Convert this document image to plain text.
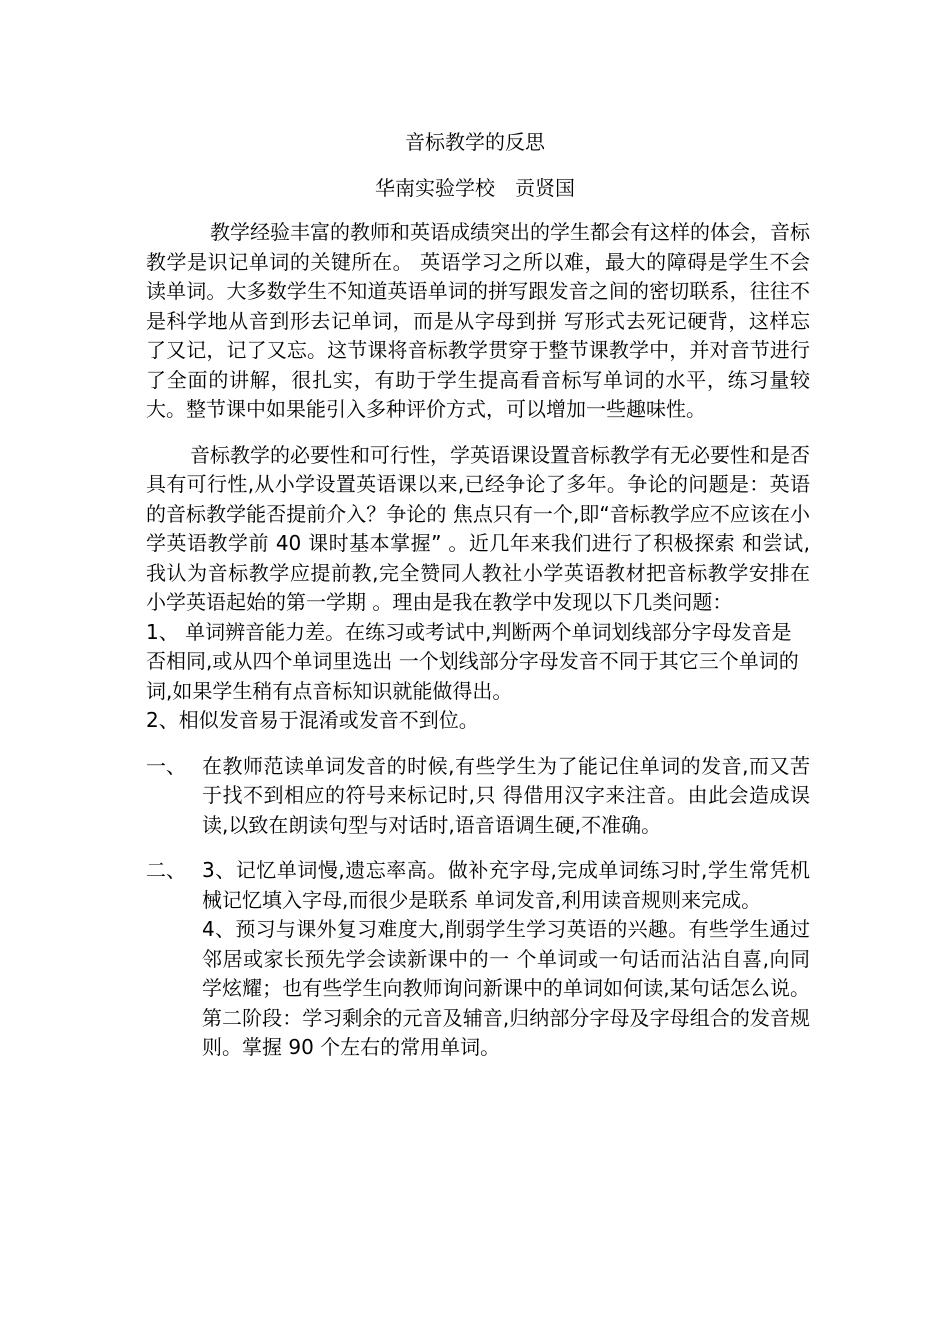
音标教学的反思
华南实验学校　贡贤国

教学经验丰富的教师和英语成绩突出的学生都会有这样的体会，音标教学是识记单词的关键所在。 英语学习之所以难，最大的障碍是学生不会读单词。大多数学生不知道英语单词的拼写跟发音之间的密切联系，往往不是科学地从音到形去记单词，而是从字母到拼 写形式去死记硬背，这样忘了又记，记了又忘。这节课将音标教学贯穿于整节课教学中，并对音节进行了全面的讲解，很扎实，有助于学生提高看音标写单词的水平，练习量较大。整节课中如果能引入多种评价方式，可以增加一些趣味性。

音标教学的必要性和可行性，学英语课设置音标教学有无必要性和是否具有可行性,从小学设置英语课以来,已经争论了多年。争论的问题是：英语的音标教学能否提前介入？争论的 焦点只有一个,即“音标教学应不应该在小学英语教学前 40 课时基本掌握” 。近几年来我们进行了积极探索 和尝试,我认为音标教学应提前教,完全赞同人教社小学英语教材把音标教学安排在小学英语起始的第一学期 。理由是我在教学中发现以下几类问题：

1、 单词辨音能力差。在练习或考试中,判断两个单词划线部分字母发音是否相同,或从四个单词里选出 一个划线部分字母发音不同于其它三个单词的词,如果学生稍有点音标知识就能做得出。

2、相似发音易于混淆或发音不到位。

一、 在教师范读单词发音的时候,有些学生为了能记住单词的发音,而又苦于找不到相应的符号来标记时,只 得借用汉字来注音。由此会造成误读,以致在朗读句型与对话时,语音语调生硬,不准确。

二、 3、记忆单词慢,遗忘率高。做补充字母,完成单词练习时,学生常凭机械记忆填入字母,而很少是联系 单词发音,利用读音规则来完成。

4、预习与课外复习难度大,削弱学生学习英语的兴趣。有些学生通过邻居或家长预先学会读新课中的一 个单词或一句话而沾沾自喜,向同学炫耀；也有些学生向教师询问新课中的单词如何读,某句话怎么说。第二阶段：学习剩余的元音及辅音,归纳部分字母及字母组合的发音规则。掌握 90 个左右的常用单词。
